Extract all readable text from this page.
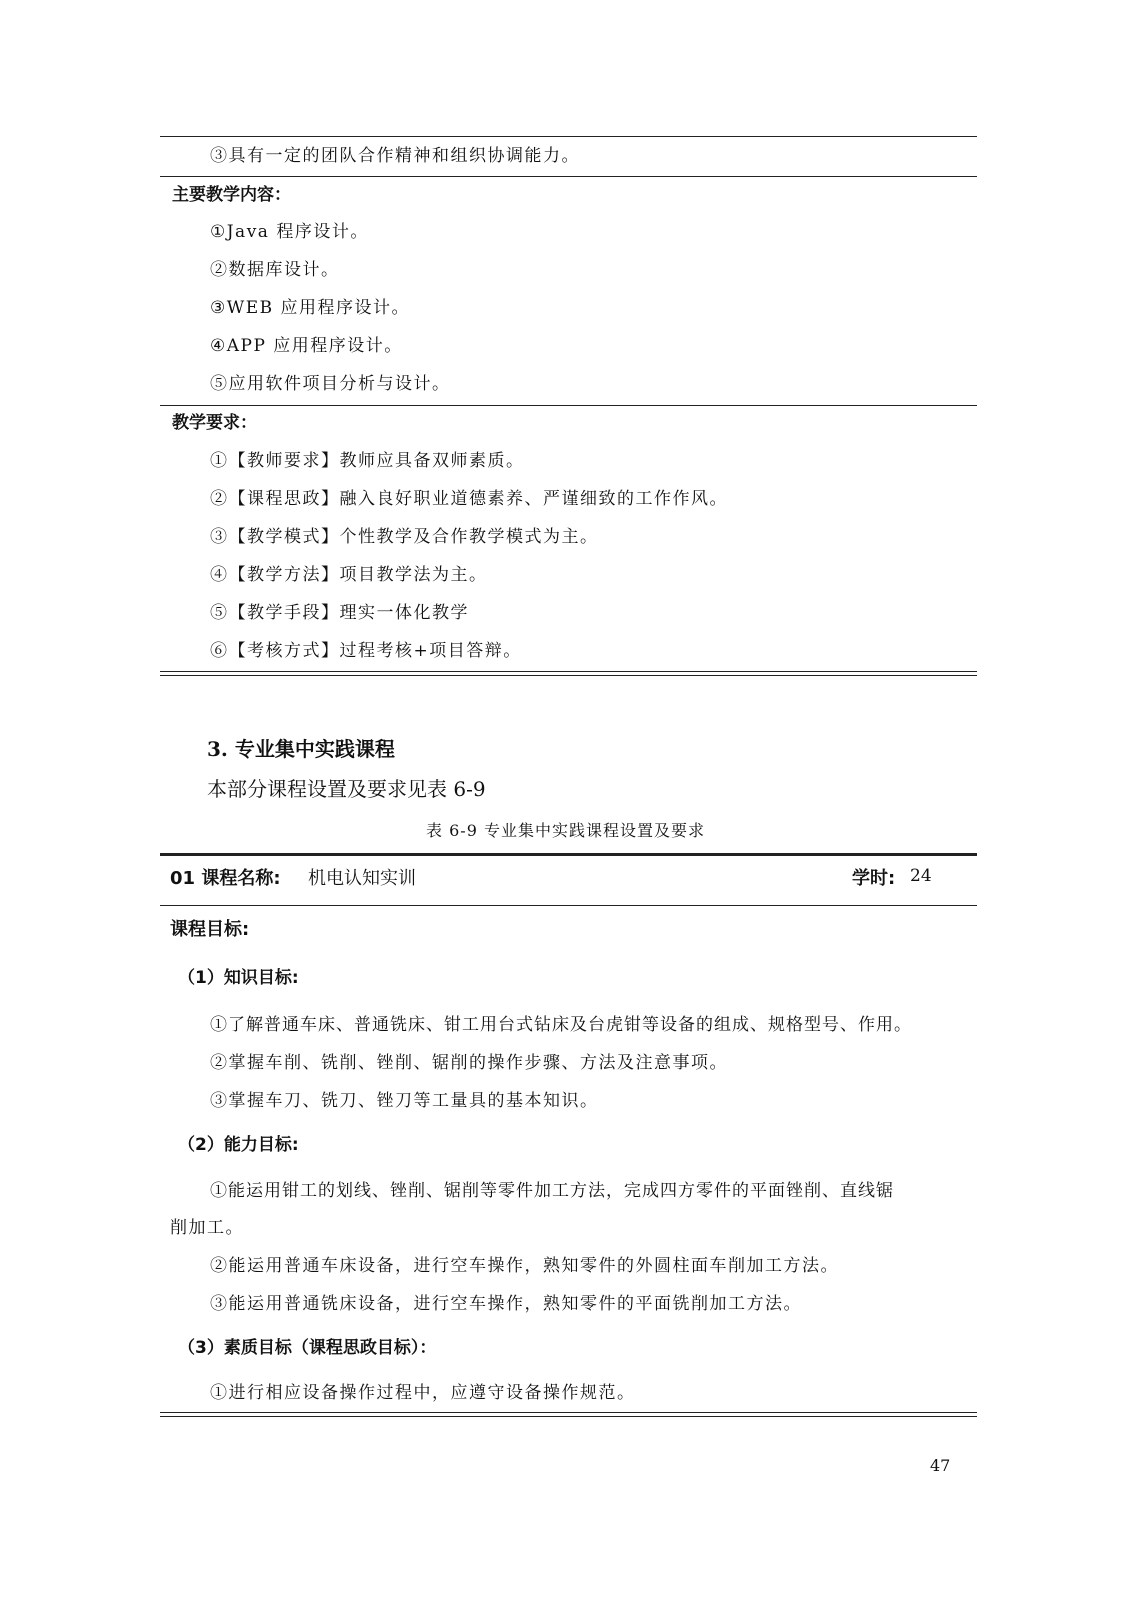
③具有一定的团队合作精神和组织协调能力。
主要教学内容：
①Java 程序设计。
②数据库设计。
③WEB 应用程序设计。
④APP 应用程序设计。
⑤应用软件项目分析与设计。
教学要求：
①【教师要求】教师应具备双师素质。
②【课程思政】融入良好职业道德素养、严谨细致的工作作风。
③【教学模式】个性教学及合作教学模式为主。
④【教学方法】项目教学法为主。
⑤【教学手段】理实一体化教学
⑥【考核方式】过程考核+项目答辩。
3. 专业集中实践课程
本部分课程设置及要求见表 6-9
表 6-9 专业集中实践课程设置及要求
01 课程名称: 机电认知实训	学时: 24
课程目标:
（1）知识目标:
①了解普通车床、普通铣床、钳工用台式钻床及台虎钳等设备的组成、规格型号、作用。
②掌握车削、铣削、锉削、锯削的操作步骤、方法及注意事项。
③掌握车刀、铣刀、锉刀等工量具的基本知识。
（2）能力目标:
①能运用钳工的划线、锉削、锯削等零件加工方法，完成四方零件的平面锉削、直线锯
削加工。
②能运用普通车床设备，进行空车操作，熟知零件的外圆柱面车削加工方法。
③能运用普通铣床设备，进行空车操作，熟知零件的平面铣削加工方法。
（3）素质目标（课程思政目标）：
①进行相应设备操作过程中，应遵守设备操作规范。
47
